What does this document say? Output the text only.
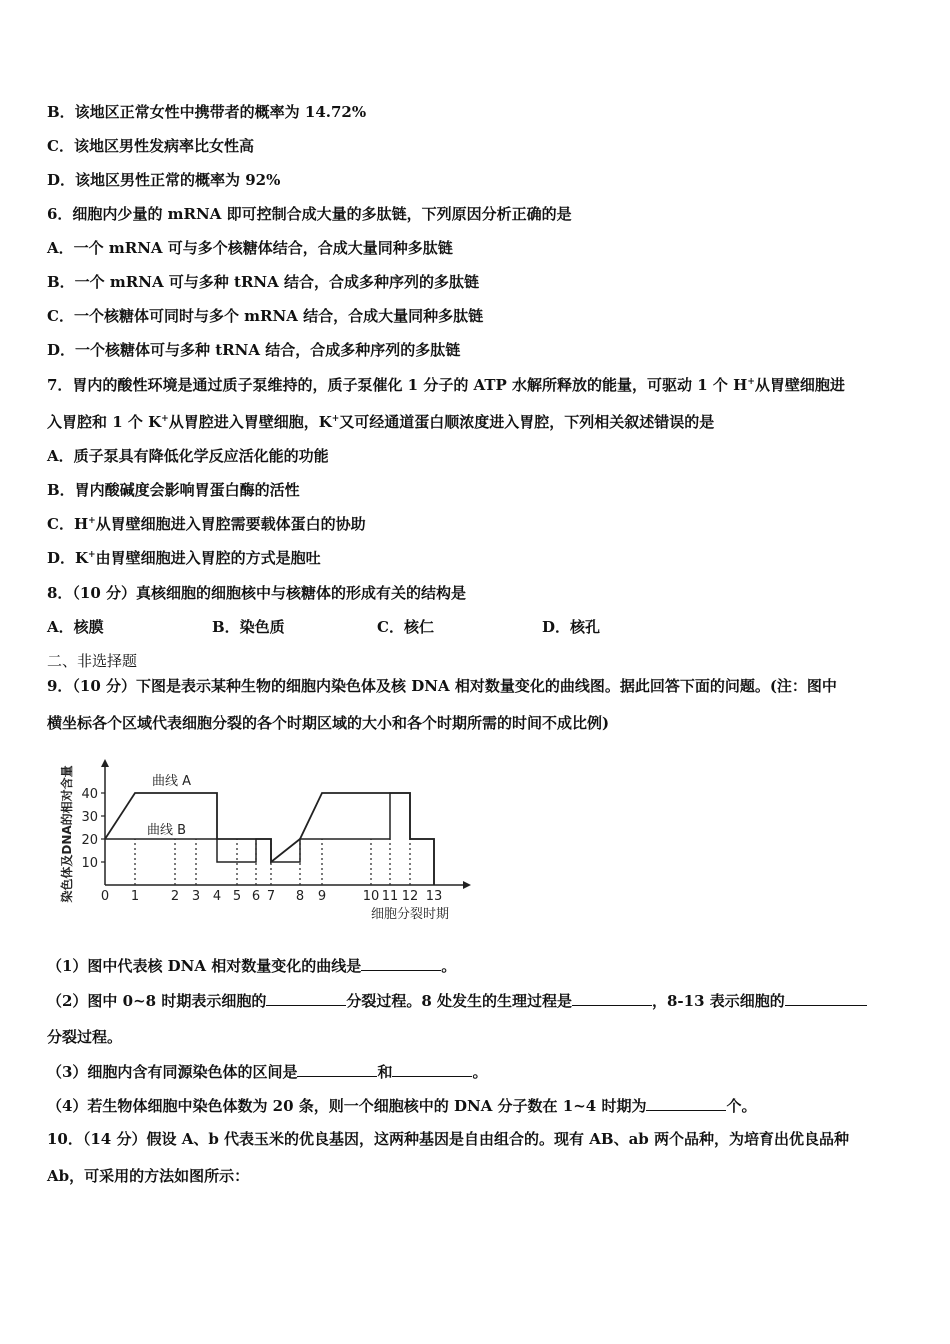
B．该地区正常女性中携带者的概率为 14.72%
C．该地区男性发病率比女性高
D．该地区男性正常的概率为 92%
6．细胞内少量的 mRNA 即可控制合成大量的多肽链，下列原因分析正确的是
A．一个 mRNA 可与多个核糖体结合，合成大量同种多肽链
B．一个 mRNA 可与多种 tRNA 结合，合成多种序列的多肽链
C．一个核糖体可同时与多个 mRNA 结合，合成大量同种多肽链
D．一个核糖体可与多种 tRNA 结合，合成多种序列的多肽链
7．胃内的酸性环境是通过质子泵维持的，质子泵催化 1 分子的 ATP 水解所释放的能量，可驱动 1 个 H+从胃壁细胞进
入胃腔和 1 个 K+从胃腔进入胃壁细胞，K+又可经通道蛋白顺浓度进入胃腔，下列相关叙述错误的是
A．质子泵具有降低化学反应活化能的功能
B．胃内酸碱度会影响胃蛋白酶的活性
C．H+从胃壁细胞进入胃腔需要载体蛋白的协助
D．K+由胃壁细胞进入胃腔的方式是胞吐
8．（10 分）真核细胞的细胞核中与核糖体的形成有关的结构是
A．核膜	B．染色质	C．核仁	D．核孔
二、非选择题
9．（10 分）下图是表示某种生物的细胞内染色体及核 DNA 相对数量变化的曲线图。据此回答下面的问题。(注：图中
横坐标各个区域代表细胞分裂的各个时期区域的大小和各个时期所需的时间不成比例)
10
20
30
40
0 1 2 3 4 5 6 7 8 9	10 11 12 13
染色体及DNA的相对含量
细胞分裂时期
曲线 A
曲线 B
（1）图中代表核 DNA 相对数量变化的曲线是	。
（2）图中 0~8 时期表示细胞的	分裂过程。8 处发生的生理过程是	，8-13 表示细胞的
分裂过程。
（3）细胞内含有同源染色体的区间是	和	。
（4）若生物体细胞中染色体数为 20 条，则一个细胞核中的 DNA 分子数在 1~4 时期为	个。
10．（14 分）假设 A、b 代表玉米的优良基因，这两种基因是自由组合的。现有 AB、ab 两个品种，为培育出优良品种
Ab，可采用的方法如图所示：
